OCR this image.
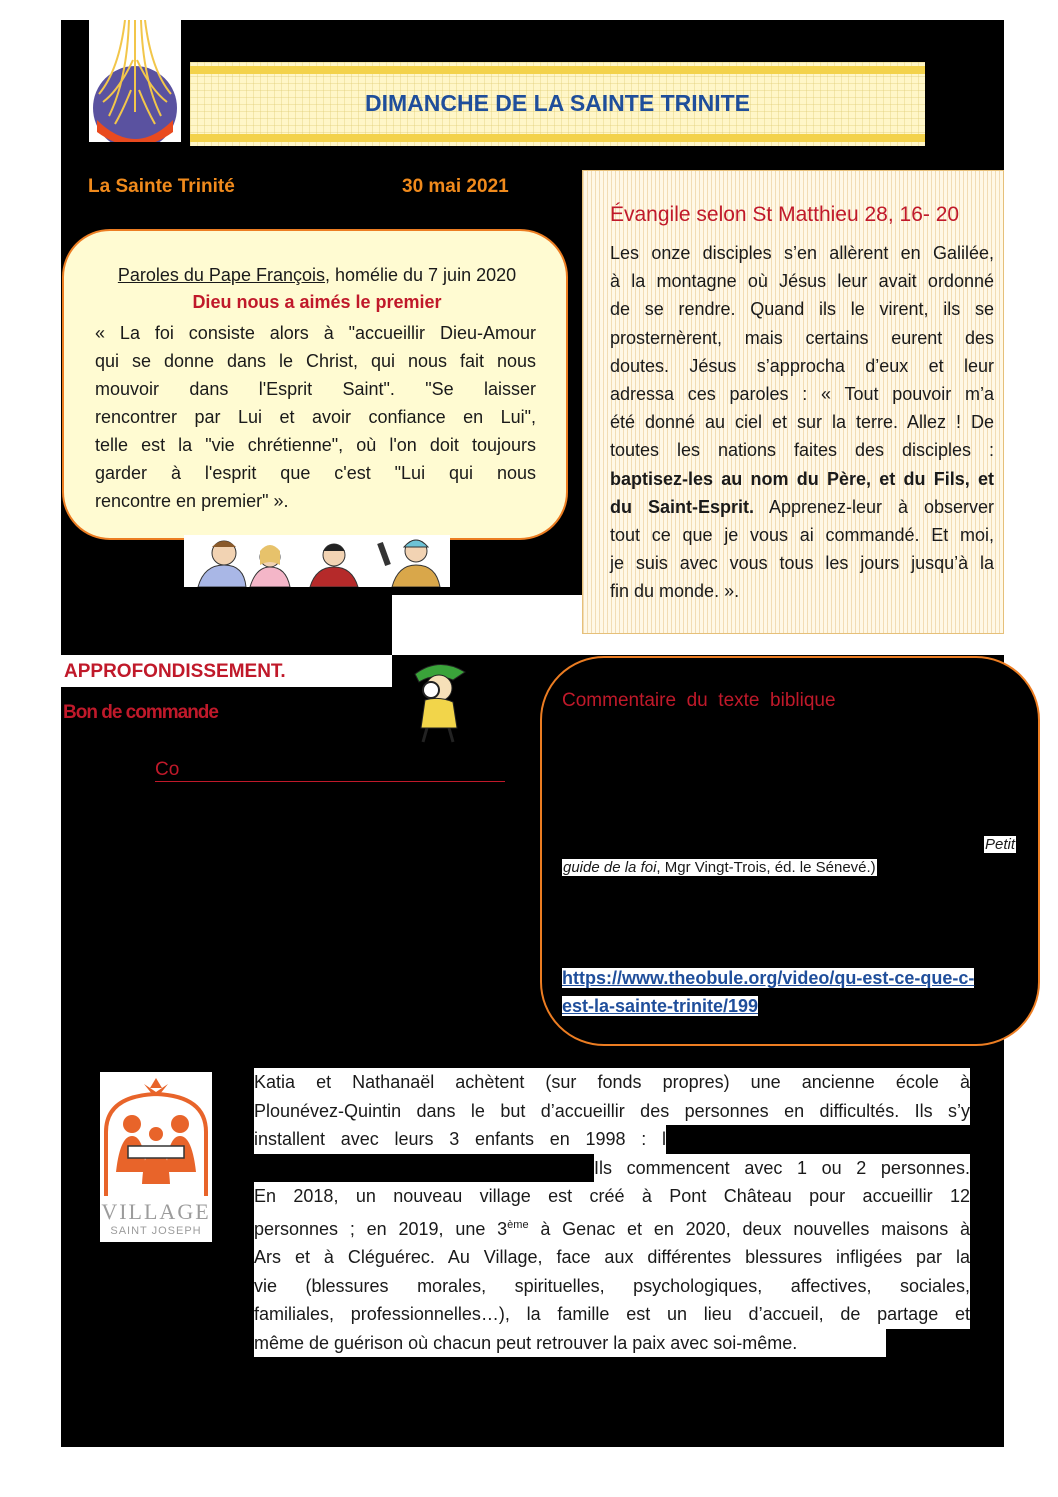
DIMANCHE DE LA SAINTE TRINITE
La Sainte Trinité	30 mai 2021
Paroles du Pape François, homélie du 7 juin 2020
Dieu nous a aimés le premier
« La foi consiste alors à "accueillir Dieu-Amour
qui se donne dans le Christ, qui nous fait nous
mouvoir dans l'Esprit Saint". "Se laisser
rencontrer par Lui et avoir confiance en Lui",
telle est la "vie chrétienne", où l'on doit toujours
garder à l'esprit que c'est "Lui qui nous
rencontre en premier" ».
Évangile selon St Matthieu 28, 16- 20
Les onze disciples s’en allèrent en Galilée,
à la montagne où Jésus leur avait ordonné
de se rendre. Quand ils le virent, ils se
prosternèrent, mais certains eurent des
doutes. Jésus s’approcha d’eux et leur
adressa ces paroles : « Tout pouvoir m’a
été donné au ciel et sur la terre. Allez ! De
toutes les nations faites des disciples :
baptisez-les au nom du Père, et du Fils, et
du Saint-Esprit. Apprenez-leur à observer
tout ce que je vous ai commandé. Et moi,
je suis avec vous tous les jours jusqu’à la
fin du monde. ».
APPROFONDISSEMENT.
Bon de commande
Co
Commentaire  du  texte  biblique
Petit
guide de la foi, Mgr Vingt-Trois, éd. le Sénevé.)
https://www.theobule.org/video/qu-est-ce-que-c-
est-la-sainte-trinite/199
VILLAGE
SAINT JOSEPH
Katia et Nathanaël achètent (sur fonds propres) une ancienne école à
Plounévez-Quintin dans le but d’accueillir des personnes en difficultés. Ils s’y
installent avec leurs 3 enfants en 1998 : l
Ils commencent avec 1 ou 2 personnes.
En 2018, un nouveau village est créé à Pont Château pour accueillir 12
personnes ; en 2019, une 3ème à Genac et en 2020, deux nouvelles maisons à
Ars et à Cléguérec. Au Village, face aux différentes blessures infligées par la
vie (blessures morales, spirituelles, psychologiques, affectives, sociales,
familiales, professionnelles…), la famille est un lieu d’accueil, de partage et
même de guérison où chacun peut retrouver la paix avec soi-même.
